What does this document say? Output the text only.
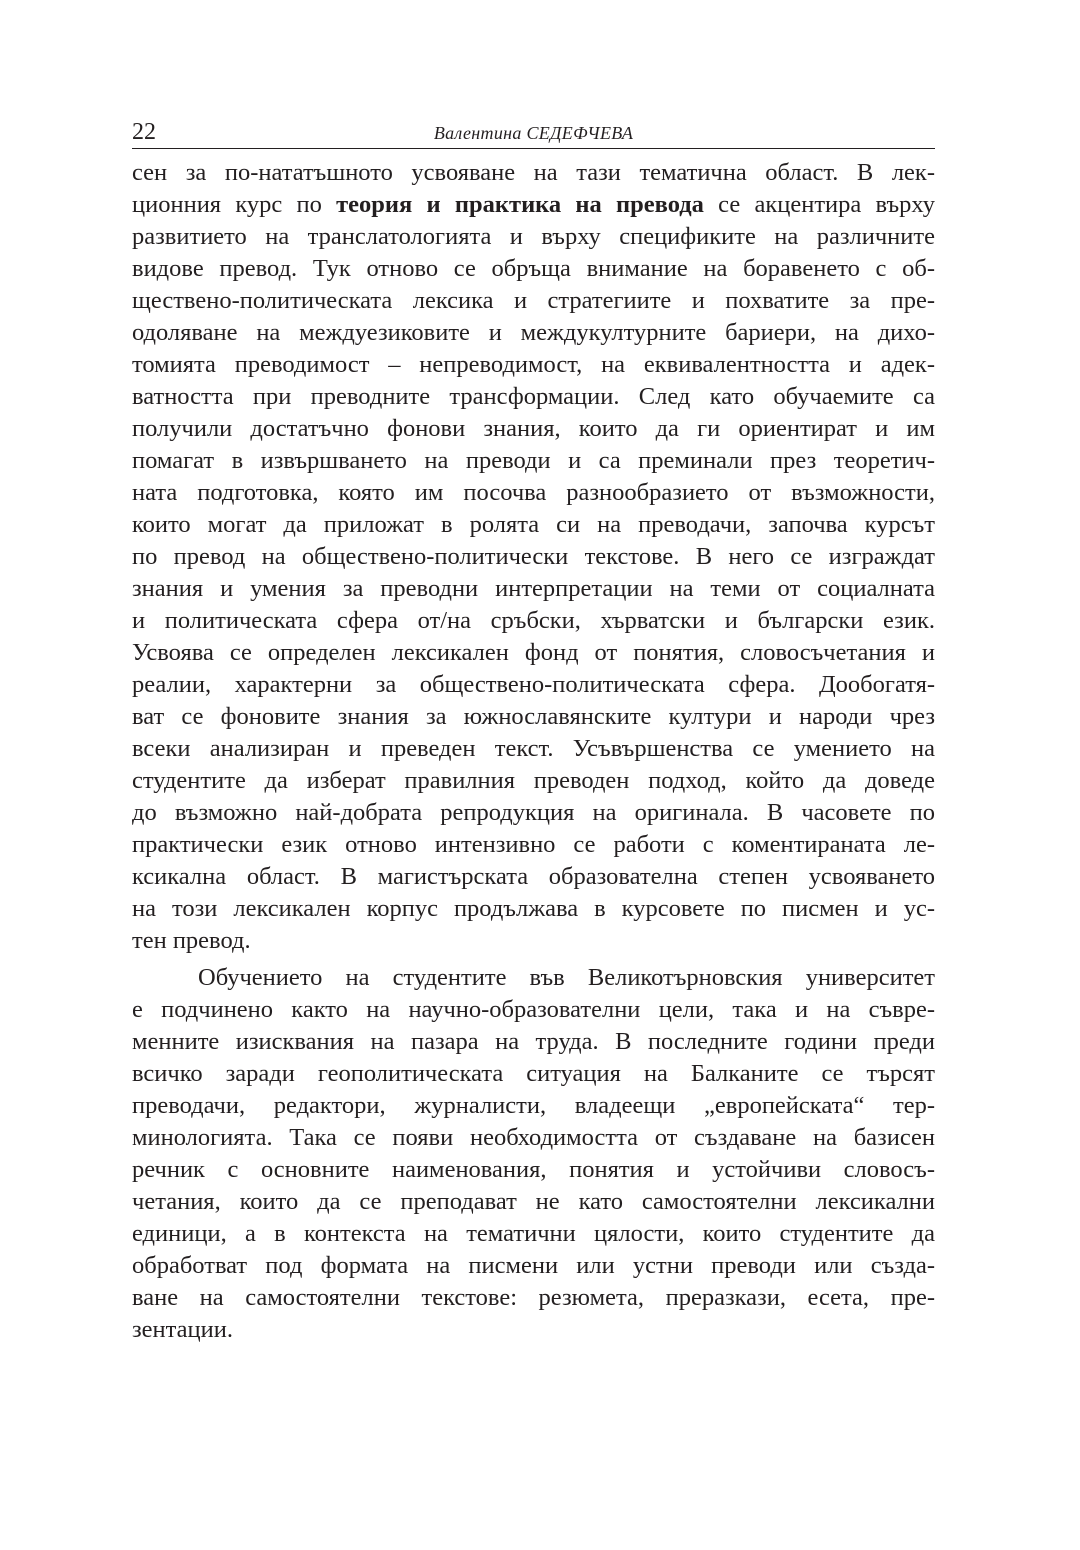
22	Валентина СЕДЕФЧЕВА

сен за по-нататъшното усвояване на тази тематична област. В лек-
ционния курс по теория и практика на превода се акцентира върху
развитието на транслатологията и върху спецификите на различните
видове превод. Тук отново се обръща внимание на боравенето с об-
ществено-политическата лексика и стратегиите и похватите за пре-
одоляване на междуезиковите и междукултурните бариери, на дихо-
томията преводимост – непреводимост, на еквивалентността и адек-
ватността при преводните трансформации. След като обучаемите са
получили достатъчно фонови знания, които да ги ориентират и им
помагат в извършването на преводи и са преминали през теоретич-
ната подготовка, която им посочва разнообразието от възможности,
които могат да приложат в ролята си на преводачи, започва курсът
по превод на обществено-политически текстове. В него се изграждат
знания и умения за преводни интерпретации на теми от социалната
и политическата сфера от/на сръбски, хърватски и български език.
Усвоява се определен лексикален фонд от понятия, словосъчетания и
реалии, характерни за обществено-политическата сфера. Дообогатя-
ват се фоновите знания за южнославянските култури и народи чрез
всеки анализиран и преведен текст. Усъвършенства се умението на
студентите да изберат правилния преводен подход, който да доведе
до възможно най-добрата репродукция на оригинала. В часовете по
практически език отново интензивно се работи с коментираната ле-
ксикална област. В магистърската образователна степен усвояването
на този лексикален корпус продължава в курсовете по писмен и ус-
тен превод.

Обучението на студентите във Великотърновския университет
е подчинено както на научно-образователни цели, така и на съвре-
менните изисквания на пазара на труда. В последните години преди
всичко заради геополитическата ситуация на Балканите се търсят
преводачи, редактори, журналисти, владеещи „европейската“ тер-
минологията. Така се появи необходимостта от създаване на базисен
речник с основните наименования, понятия и устойчиви словосъ-
четания, които да се преподават не като самостоятелни лексикални
единици, а в контекста на тематични цялости, които студентите да
обработват под формата на писмени или устни преводи или създа-
ване на самостоятелни текстове: резюмета, преразкази, есета, пре-
зентации.
